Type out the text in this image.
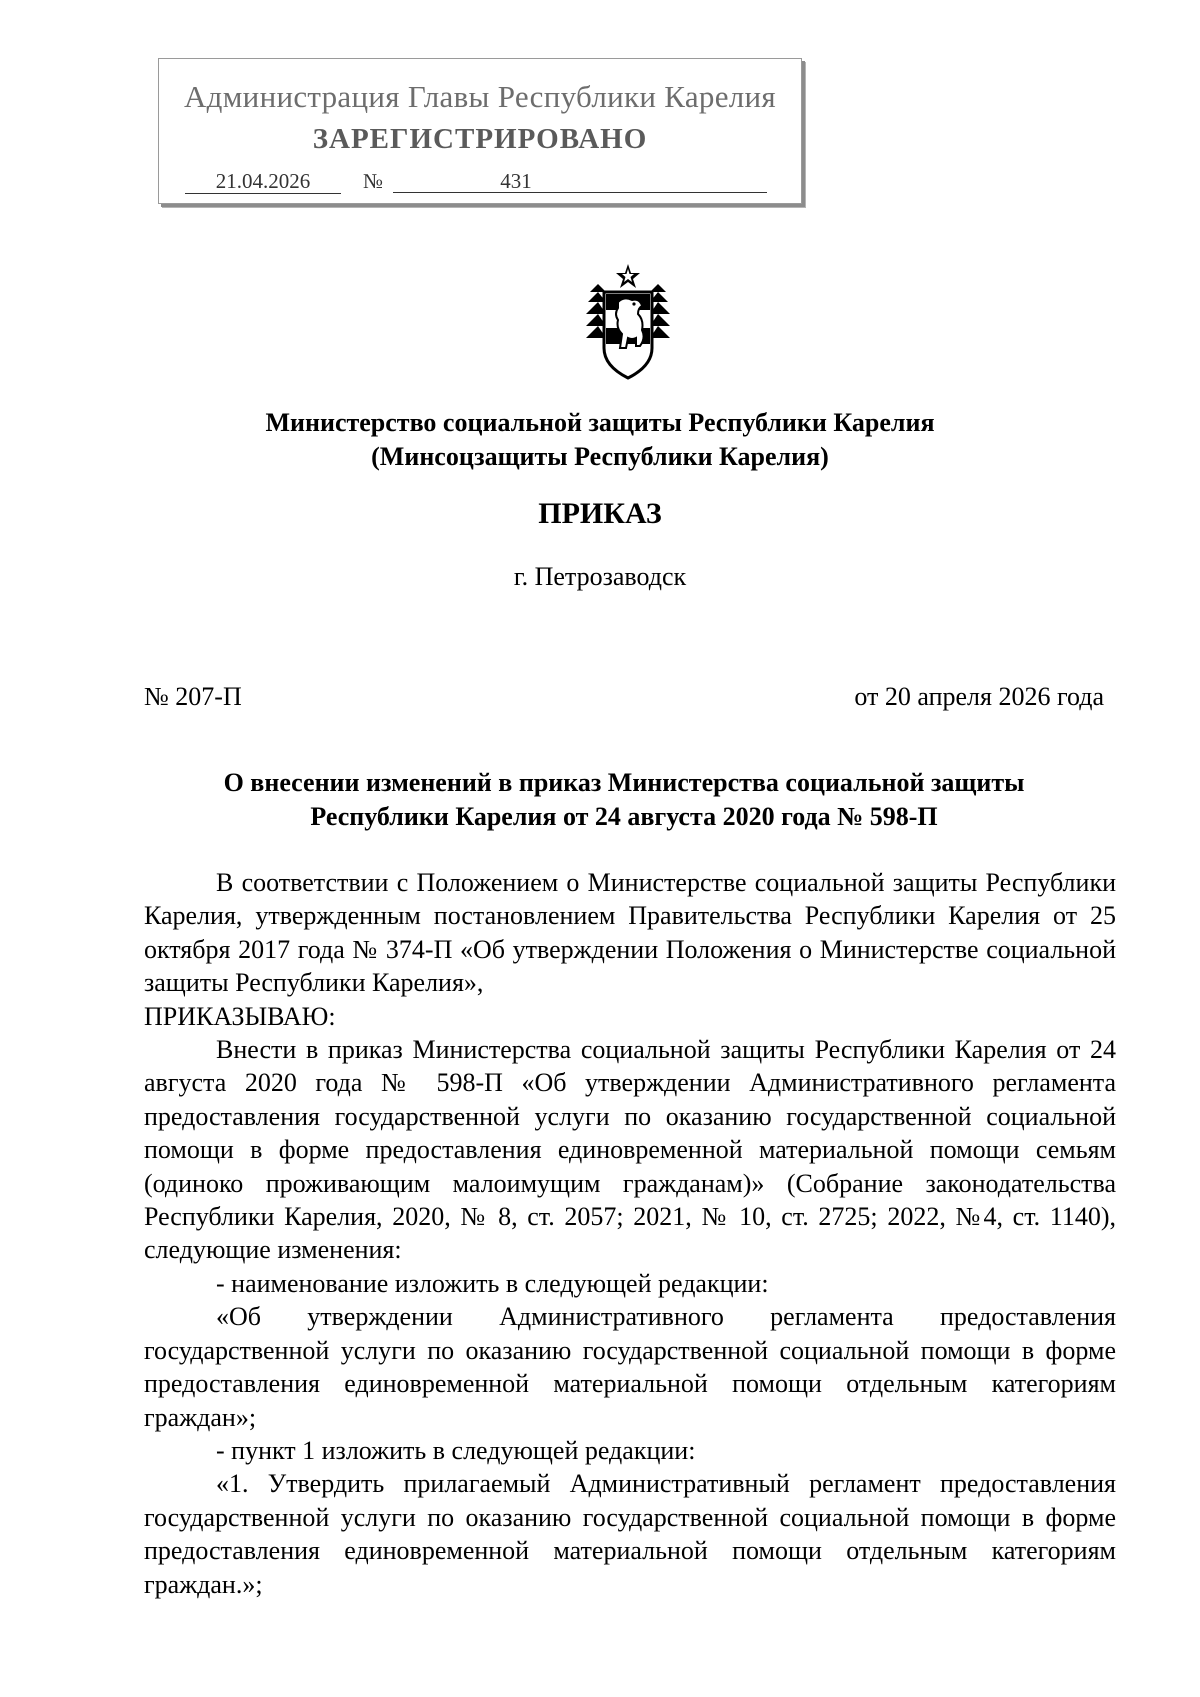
Администрация Главы Республики Карелия
ЗАРЕГИСТРИРОВАНО
21.04.2026	431
№
Министерство социальной защиты Республики Карелия
(Минсоцзащиты Республики Карелия)
ПРИКАЗ
г. Петрозаводск
№ 207-П	от 20 апреля 2026 года
О внесении изменений в приказ Министерства социальной защиты
Республики Карелия от 24 августа 2020 года № 598-П

В соответствии с Положением о Министерстве социальной защиты Республики Карелия, утвержденным постановлением Правительства Республики Карелия от 25 октября 2017 года № 374-П «Об утверждении Положения о Министерстве социальной защиты Республики Карелия»,

ПРИКАЗЫВАЮ:

Внести в приказ Министерства социальной защиты Республики Карелия от 24 августа 2020 года № 598-П «Об утверждении Административного регламента предоставления государственной услуги по оказанию государственной социальной помощи в форме предоставления единовременной материальной помощи семьям (одиноко проживающим малоимущим гражданам)» (Собрание законодательства Республики Карелия, 2020, № 8, ст. 2057; 2021, № 10, ст. 2725; 2022, №4, ст. 1140), следующие изменения:

- наименование изложить в следующей редакции:

«Об утверждении Административного регламента предоставления государственной услуги по оказанию государственной социальной помощи в форме предоставления единовременной материальной помощи отдельным категориям граждан»;

- пункт 1 изложить в следующей редакции:

«1. Утвердить прилагаемый Административный регламент предоставления государственной услуги по оказанию государственной социальной помощи в форме предоставления единовременной материальной помощи отдельным категориям граждан.»;
